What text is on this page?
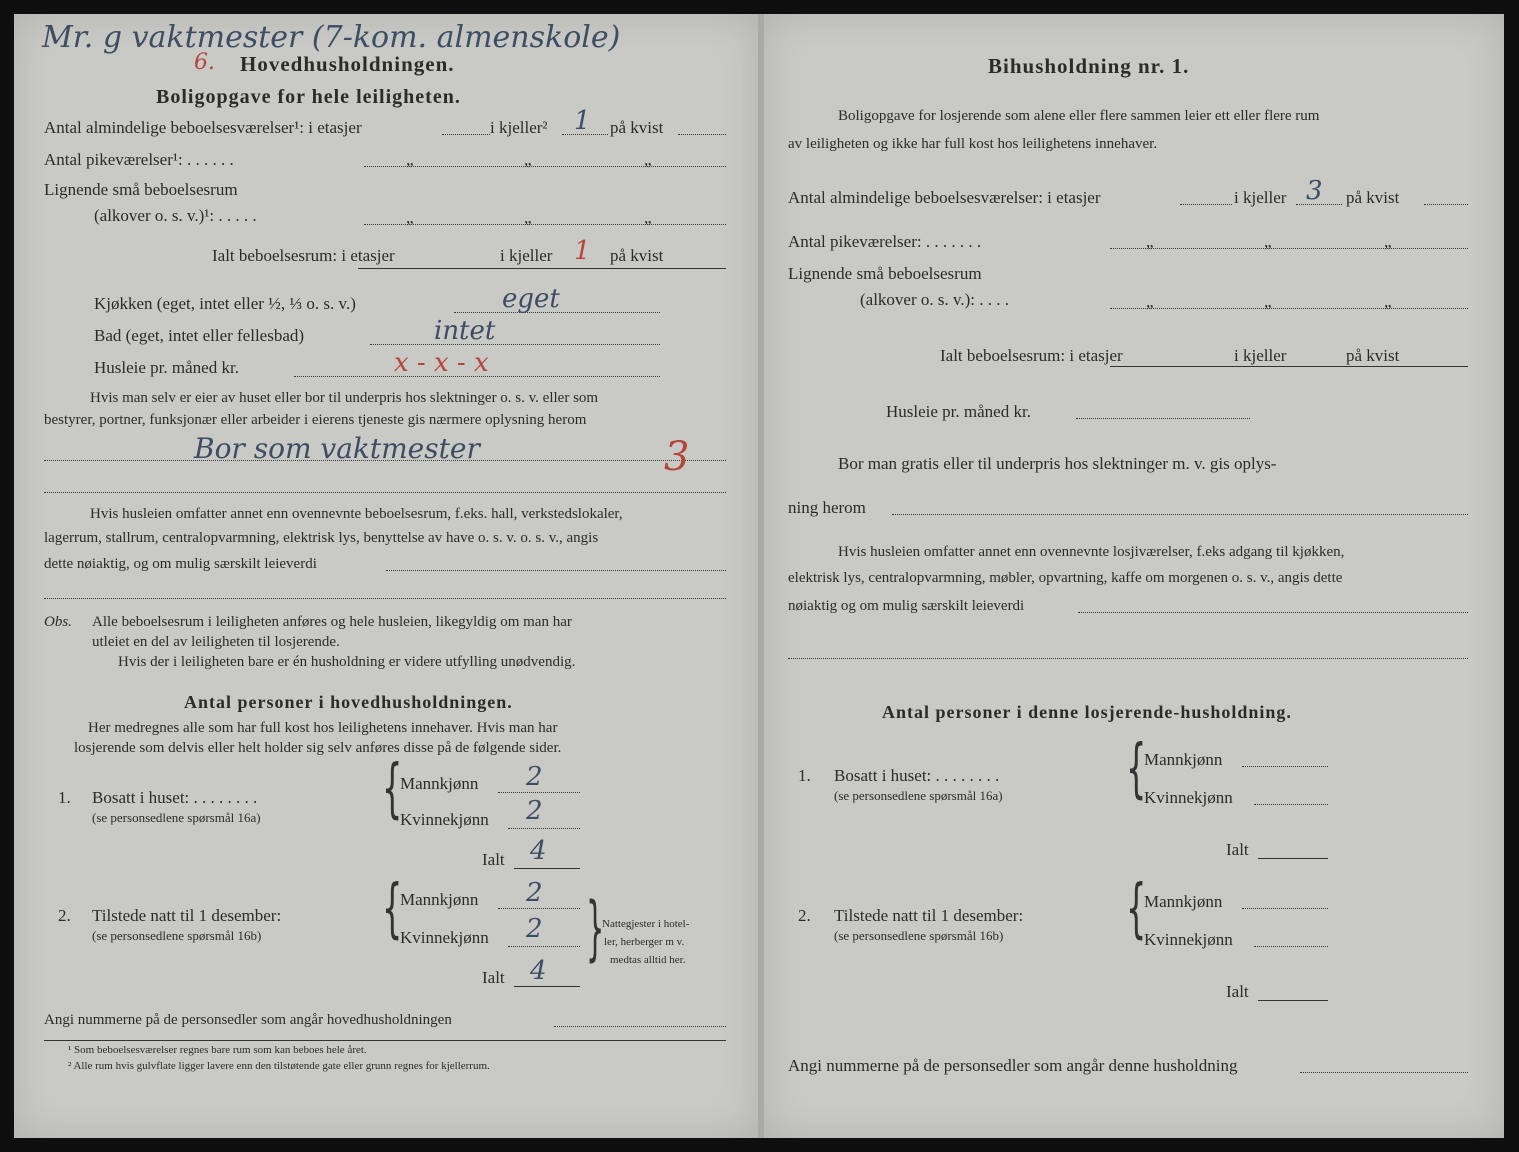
Mr. g vaktmester (7-kom. almenskole)
6. Hovedhusholdningen.
Boligopgave for hele leiligheten.
Antal almindelige beboelsesværelser¹: i etasjer	i kjeller² 1 på kvist
Antal pikeværelser¹: . . . . . .	„	„	„
Lignende små beboelsesrum
(alkover o. s. v.)¹: . . . . .	„	„	„
Ialt beboelsesrum: i etasjer	i kjeller 1 på kvist
Kjøkken (eget, intet eller ½, ⅓ o. s. v.)	eget
Bad (eget, intet eller fellesbad)	intet
Husleie pr. måned kr.	x - x - x
Hvis man selv er eier av huset eller bor til underpris hos slektninger o. s. v. eller som
bestyrer, portner, funksjonær eller arbeider i eierens tjeneste gis nærmere oplysning herom
Bor som vaktmester	3
Hvis husleien omfatter annet enn ovennevnte beboelsesrum, f.eks. hall, verkstedslokaler,
lagerrum, stallrum, centralopvarmning, elektrisk lys, benyttelse av have o. s. v. o. s. v., angis
dette nøiaktig, og om mulig særskilt leieverdi
Obs. Alle beboelsesrum i leiligheten anføres og hele husleien, likegyldig om man har
utleiet en del av leiligheten til losjerende.
Hvis der i leiligheten bare er én husholdning er videre utfylling unødvendig.
Antal personer i hovedhusholdningen.
Her medregnes alle som har full kost hos leilighetens innehaver. Hvis man har
losjerende som delvis eller helt holder sig selv anføres disse på de følgende sider.
1. Bosatt i huset: . . . . . . . .
(se personsedlene spørsmål 16a) {
Mannkjønn 2
Kvinnekjønn 2
Ialt 4
2. Tilstede natt til 1 desember:
(se personsedlene spørsmål 16b) {
Mannkjønn 2
Kvinnekjønn 2
Ialt 4
}
Nattegjester i hotel-
ler, herberger m v.
medtas alltid her.
Angi nummerne på de personsedler som angår hovedhusholdningen
¹ Som beboelsesværelser regnes bare rum som kan beboes hele året.
² Alle rum hvis gulvflate ligger lavere enn den tilstøtende gate eller grunn regnes for kjellerrum.
Bihusholdning nr. 1.
Boligopgave for losjerende som alene eller flere sammen leier ett eller flere rum
av leiligheten og ikke har full kost hos leilighetens innehaver.
Antal almindelige beboelsesværelser: i etasjer	i kjeller 3 på kvist
Antal pikeværelser: . . . . . . .	„	„	„
Lignende små beboelsesrum
(alkover o. s. v.): . . . .	„	„	„
Ialt beboelsesrum: i etasjer	i kjeller	på kvist
Husleie pr. måned kr.
Bor man gratis eller til underpris hos slektninger m. v. gis oplys-
ning herom
Hvis husleien omfatter annet enn ovennevnte losjiværelser, f.eks adgang til kjøkken,
elektrisk lys, centralopvarmning, møbler, opvartning, kaffe om morgenen o. s. v., angis dette
nøiaktig og om mulig særskilt leieverdi
Antal personer i denne losjerende-husholdning.
1. Bosatt i huset: . . . . . . . .
(se personsedlene spørsmål 16a) {
Mannkjønn
Kvinnekjønn
Ialt
2. Tilstede natt til 1 desember:
(se personsedlene spørsmål 16b) {
Mannkjønn
Kvinnekjønn
Ialt
Angi nummerne på de personsedler som angår denne husholdning
